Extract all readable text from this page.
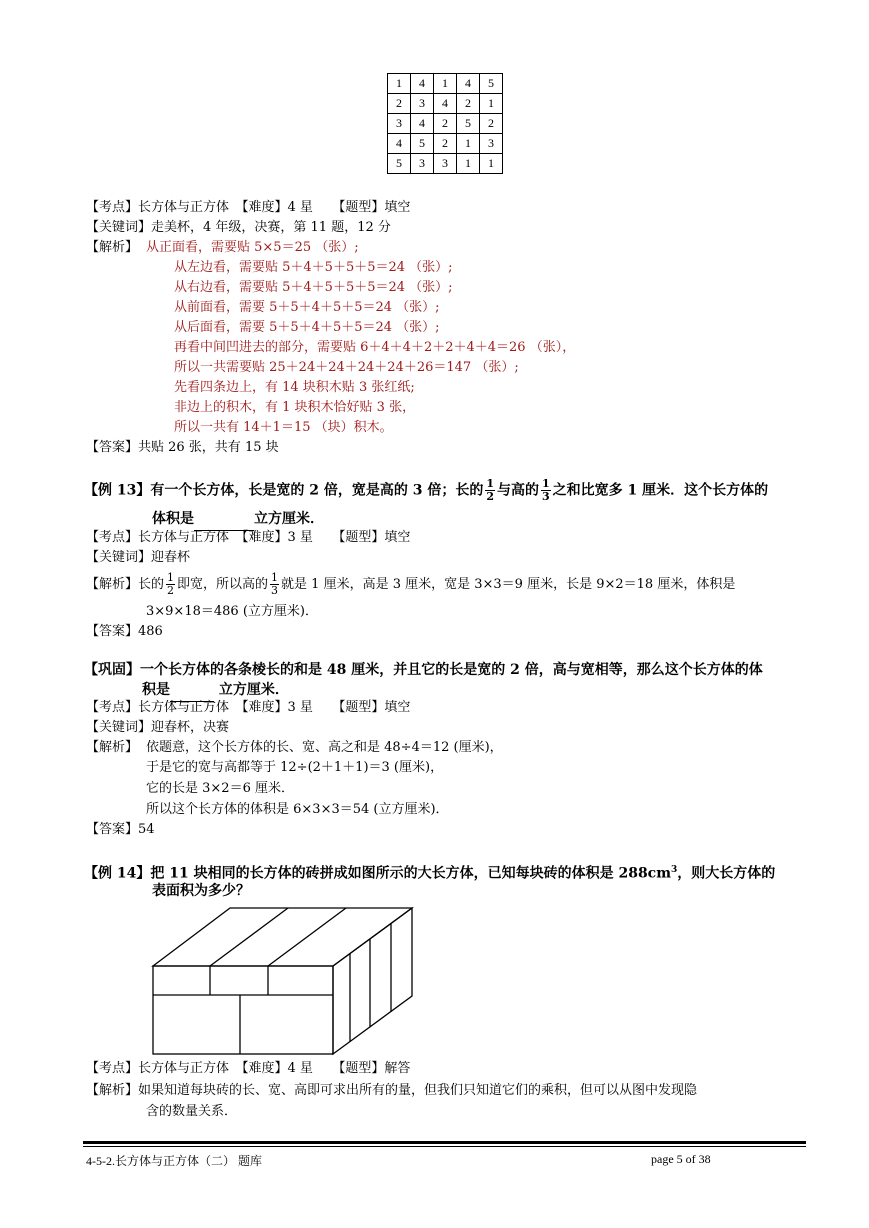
1	4	1	4	5
2	3	4	2	1
3	4	2	5	2
4	5	2	1	3
5	3	3	1	1
【考点】长方体与正方体　【难度】4 星　　【题型】填空
【关键词】走美杯，4 年级，决赛，第 11 题，12 分
【解析】 从正面看，需要贴 5×5＝25 （张）;
从左边看，需要贴 5＋4＋5＋5＋5＝24 （张）;
从右边看，需要贴 5＋4＋5＋5＋5＝24 （张）;
从前面看，需要 5＋5＋4＋5＋5＝24 （张）;
从后面看，需要 5＋5＋4＋5＋5＝24 （张）;
再看中间凹进去的部分，需要贴 6＋4＋4＋2＋2＋4＋4＝26 （张），
所以一共需要贴 25＋24＋24＋24＋24＋26＝147 （张）;
先看四条边上，有 14 块积木贴 3 张红纸;
非边上的积木，有 1 块积木恰好贴 3 张，
所以一共有 14＋1＝15 （块）积木。
【答案】共贴 26 张，共有 15 块
【例 13】有一个长方体，长是宽的 2 倍，宽是高的 3 倍；长的 $\frac{1}{2}$ 与高的 $\frac{1}{3}$ 之和比宽多 1 厘米．这个长方体的
体积是	立方厘米．
【考点】长方体与正方体　【难度】3 星　　【题型】填空
【关键词】迎春杯
【解析】长的 $\frac{1}{2}$ 即宽，所以高的 $\frac{1}{3}$ 就是 1 厘米，高是 3 厘米，宽是 3×3＝9 厘米，长是 9×2＝18 厘米，体积是
3×9×18＝486 (立方厘米)．
【答案】486
【巩固】一个长方体的各条棱长的和是 48 厘米，并且它的长是宽的 2 倍，高与宽相等，那么这个长方体的体
积是	立方厘米．
【考点】长方体与正方体　【难度】3 星　　【题型】填空
【关键词】迎春杯，决赛
【解析】 依题意，这个长方体的长、宽、高之和是 48÷4＝12 (厘米)，
于是它的宽与高都等于 12÷(2＋1＋1)＝3 (厘米)，
它的长是 3×2＝6 厘米．
所以这个长方体的体积是 6×3×3＝54 (立方厘米)．
【答案】54
【例 14】把 11 块相同的长方体的砖拼成如图所示的大长方体，已知每块砖的体积是 $288cm^3$，则大长方体的
表面积为多少？
【考点】长方体与正方体　【难度】4 星　　【题型】解答
【解析】如果知道每块砖的长、宽、高即可求出所有的量，但我们只知道它们的乘积，但可以从图中发现隐
含的数量关系．
4-5-2.长方体与正方体（二） 题库	page 5 of 38
